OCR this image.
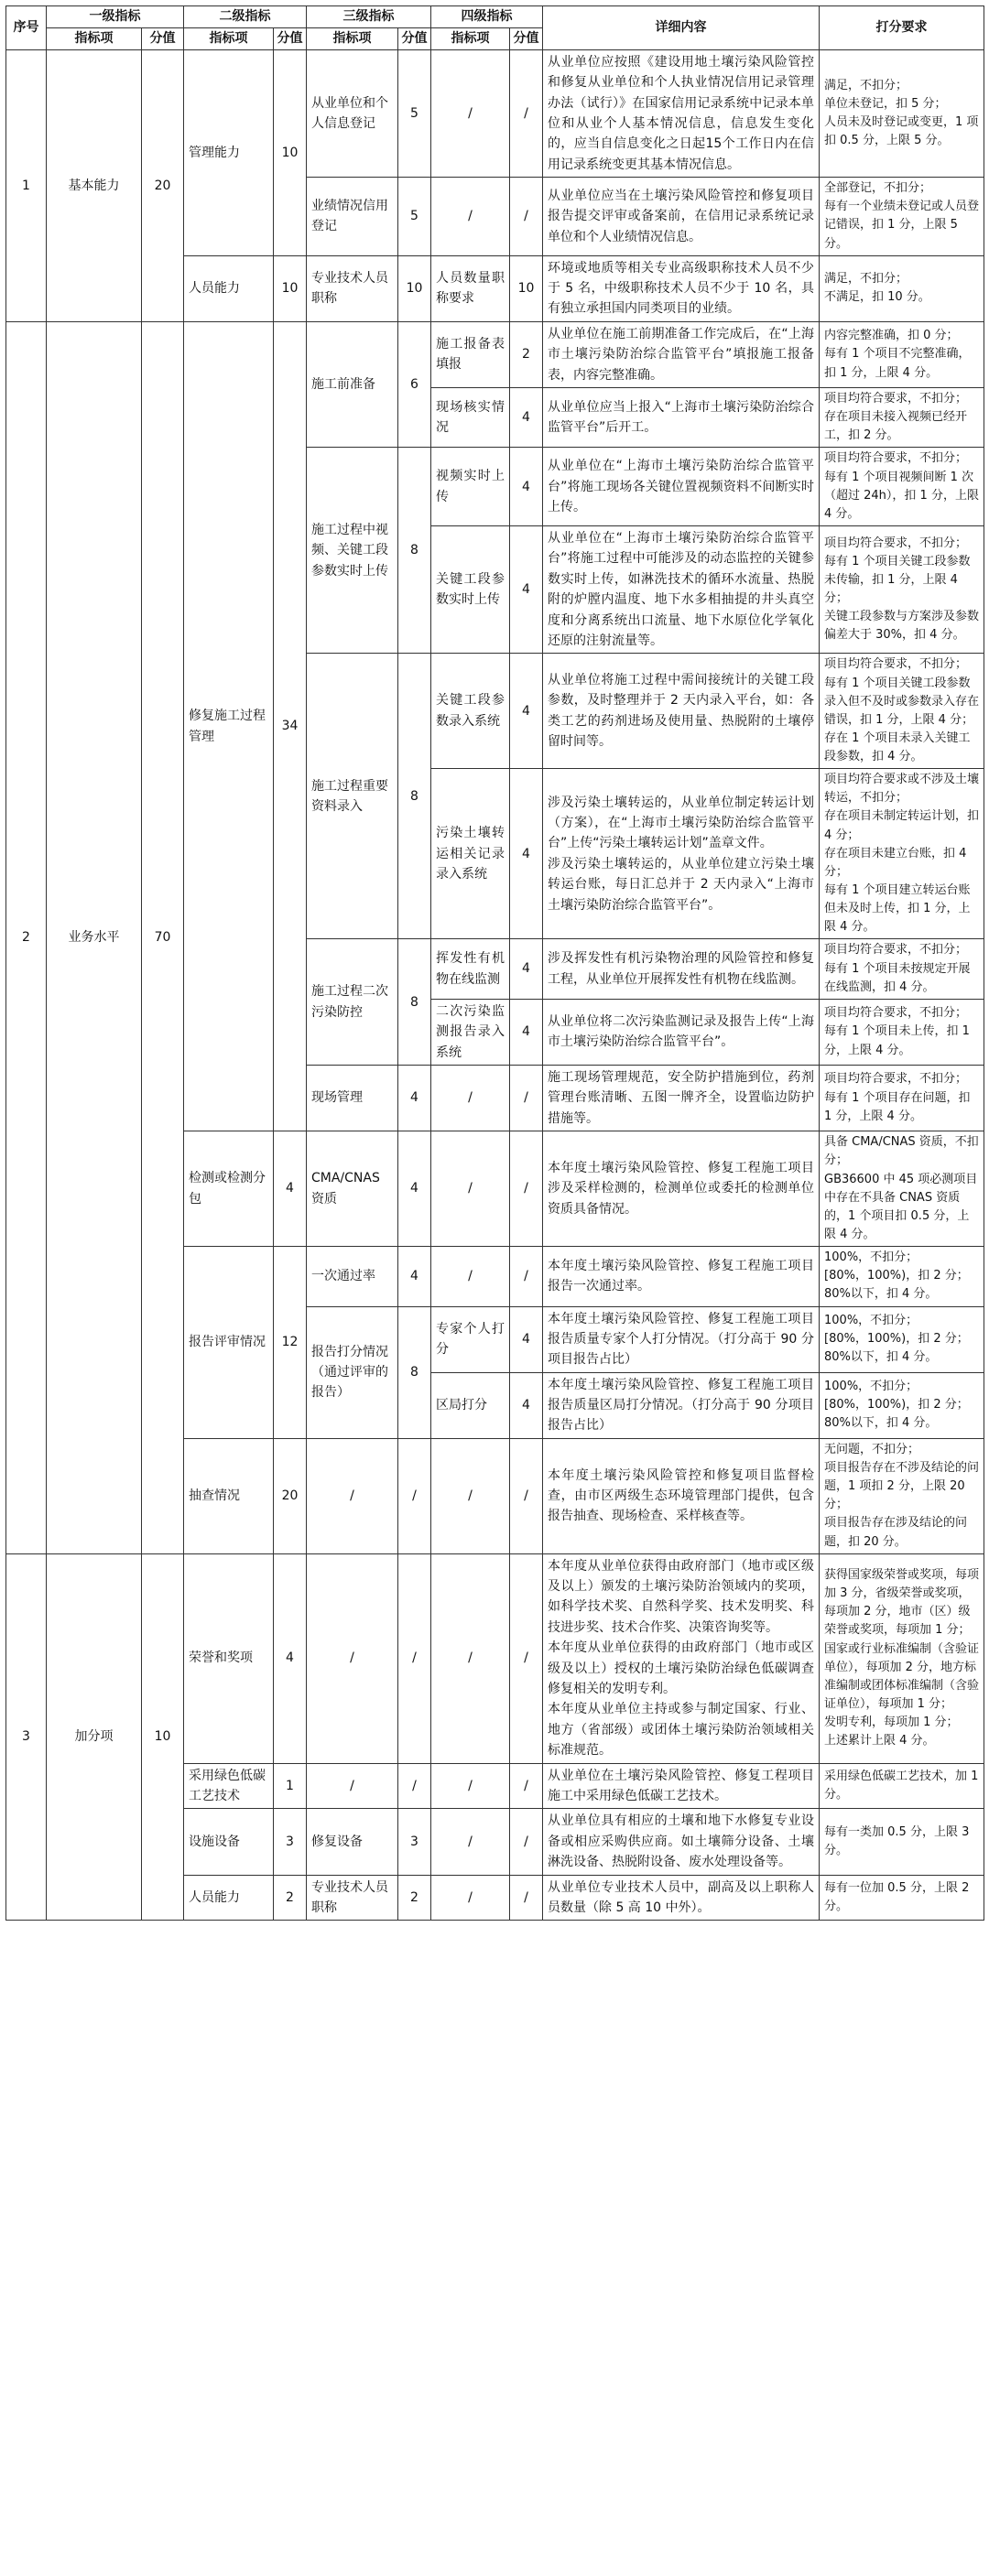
序号	一级指标		二级指标		三级指标		四级指标		详细内容	打分要求
	指标项	分值	指标项	分值	指标项	分值	指标项	分值		
1	基本能力	20	管理能力	10	从业单位和个人信息登记	5	/	/	从业单位应按照《建设用地土壤污染风险管控和修复从业单位和个人执业情况信用记录管理办法（试行）》在国家信用记录系统中记录本单位和从业个人基本情况信息，信息发生变化的，应当自信息变化之日起15个工作日内在信用记录系统变更其基本情况信息。	满足，不扣分；
单位未登记，扣 5 分；
人员未及时登记或变更，1 项扣 0.5 分，上限 5 分。
					业绩情况信用登记	5	/	/	从业单位应当在土壤污染风险管控和修复项目报告提交评审或备案前，在信用记录系统记录单位和个人业绩情况信息。	全部登记，不扣分；
每有一个业绩未登记或人员登记错误，扣 1 分，上限 5 分。
			人员能力	10	专业技术人员职称	10	人员数量职称要求	10	环境或地质等相关专业高级职称技术人员不少于 5 名，中级职称技术人员不少于 10 名，具有独立承担国内同类项目的业绩。	满足，不扣分；
不满足，扣 10 分。
2	业务水平	70	修复施工过程管理	34	施工前准备	6	施工报备表填报	2	从业单位在施工前期准备工作完成后，在“上海市土壤污染防治综合监管平台”填报施工报备表，内容完整准确。	内容完整准确，扣 0 分；
每有 1 个项目不完整准确，扣 1 分，上限 4 分。
							现场核实情况	4	从业单位应当上报入“上海市土壤污染防治综合监管平台”后开工。	项目均符合要求，不扣分；
存在项目未接入视频已经开工，扣 2 分。
					施工过程中视频、关键工段参数实时上传	8	视频实时上传	4	从业单位在“上海市土壤污染防治综合监管平台”将施工现场各关键位置视频资料不间断实时上传。	项目均符合要求，不扣分；
每有 1 个项目视频间断 1 次（超过 24h），扣 1 分，上限 4 分。
							关键工段参数实时上传	4	从业单位在“上海市土壤污染防治综合监管平台”将施工过程中可能涉及的动态监控的关键参数实时上传，如淋洗技术的循环水流量、热脱附的炉膛内温度、地下水多相抽提的井头真空度和分离系统出口流量、地下水原位化学氧化还原的注射流量等。	项目均符合要求，不扣分；
每有 1 个项目关键工段参数未传输，扣 1 分，上限 4 分；
关键工段参数与方案涉及参数偏差大于 30%，扣 4 分。
					施工过程重要资料录入	8	关键工段参数录入系统	4	从业单位将施工过程中需间接统计的关键工段参数，及时整理并于 2 天内录入平台，如：各类工艺的药剂进场及使用量、热脱附的土壤停留时间等。	项目均符合要求，不扣分；
每有 1 个项目关键工段参数录入但不及时或参数录入存在错误，扣 1 分，上限 4 分；
存在 1 个项目未录入关键工段参数，扣 4 分。
							污染土壤转运相关记录录入系统	4	涉及污染土壤转运的，从业单位制定转运计划（方案），在“上海市土壤污染防治综合监管平台”上传“污染土壤转运计划”盖章文件。
涉及污染土壤转运的，从业单位建立污染土壤转运台账，每日汇总并于 2 天内录入“上海市土壤污染防治综合监管平台”。	项目均符合要求或不涉及土壤转运，不扣分；
存在项目未制定转运计划，扣 4 分；
存在项目未建立台账，扣 4 分；
每有 1 个项目建立转运台账但未及时上传，扣 1 分，上限 4 分。
					施工过程二次污染防控	8	挥发性有机物在线监测	4	涉及挥发性有机污染物治理的风险管控和修复工程，从业单位开展挥发性有机物在线监测。	项目均符合要求，不扣分；
每有 1 个项目未按规定开展在线监测，扣 4 分。
							二次污染监测报告录入系统	4	从业单位将二次污染监测记录及报告上传“上海市土壤污染防治综合监管平台”。	项目均符合要求，不扣分；
每有 1 个项目未上传，扣 1 分，上限 4 分。
					现场管理	4	/	/	施工现场管理规范，安全防护措施到位，药剂管理台账清晰、五图一牌齐全，设置临边防护措施等。	项目均符合要求，不扣分；
每有 1 个项目存在问题，扣 1 分，上限 4 分。
			检测或检测分包	4	CMA/CNAS 资质	4	/	/	本年度土壤污染风险管控、修复工程施工项目涉及采样检测的，检测单位或委托的检测单位资质具备情况。	具备 CMA/CNAS 资质，不扣分；
GB36600 中 45 项必测项目中存在不具备 CNAS 资质的，1 个项目扣 0.5 分，上限 4 分。
			报告评审情况	12	一次通过率	4	/	/	本年度土壤污染风险管控、修复工程施工项目报告一次通过率。	100%，不扣分；
[80%，100%)，扣 2 分；
80%以下，扣 4 分。
					报告打分情况（通过评审的报告）	8	专家个人打分	4	本年度土壤污染风险管控、修复工程施工项目报告质量专家个人打分情况。（打分高于 90 分项目报告占比）	100%，不扣分；
[80%，100%)，扣 2 分；
80%以下，扣 4 分。
							区局打分	4	本年度土壤污染风险管控、修复工程施工项目报告质量区局打分情况。（打分高于 90 分项目报告占比）	100%，不扣分；
[80%，100%)，扣 2 分；
80%以下，扣 4 分。
			抽查情况	20	/	/	/	/	本年度土壤污染风险管控和修复项目监督检查，由市区两级生态环境管理部门提供，包含报告抽查、现场检查、采样核查等。	无问题，不扣分；
项目报告存在不涉及结论的问题，1 项扣 2 分，上限 20 分；
项目报告存在涉及结论的问题，扣 20 分。
3	加分项	10	荣誉和奖项	4	/	/	/	/	本年度从业单位获得由政府部门（地市或区级及以上）颁发的土壤污染防治领域内的奖项，如科学技术奖、自然科学奖、技术发明奖、科技进步奖、技术合作奖、决策咨询奖等。
本年度从业单位获得的由政府部门（地市或区级及以上）授权的土壤污染防治绿色低碳调查修复相关的发明专利。
本年度从业单位主持或参与制定国家、行业、地方（省部级）或团体土壤污染防治领域相关标准规范。	获得国家级荣誉或奖项，每项加 3 分，省级荣誉或奖项，每项加 2 分，地市（区）级荣誉或奖项，每项加 1 分；
国家或行业标准编制（含验证单位），每项加 2 分，地方标准编制或团体标准编制（含验证单位），每项加 1 分；
发明专利，每项加 1 分；
上述累计上限 4 分。
			采用绿色低碳工艺技术	1	/	/	/	/	从业单位在土壤污染风险管控、修复工程项目施工中采用绿色低碳工艺技术。	采用绿色低碳工艺技术，加 1 分。
			设施设备	3	修复设备	3	/	/	从业单位具有相应的土壤和地下水修复专业设备或相应采购供应商。如土壤筛分设备、土壤淋洗设备、热脱附设备、废水处理设备等。	每有一类加 0.5 分，上限 3 分。
			人员能力	2	专业技术人员职称	2	/	/	从业单位专业技术人员中，副高及以上职称人员数量（除 5 高 10 中外）。	每有一位加 0.5 分，上限 2 分。
